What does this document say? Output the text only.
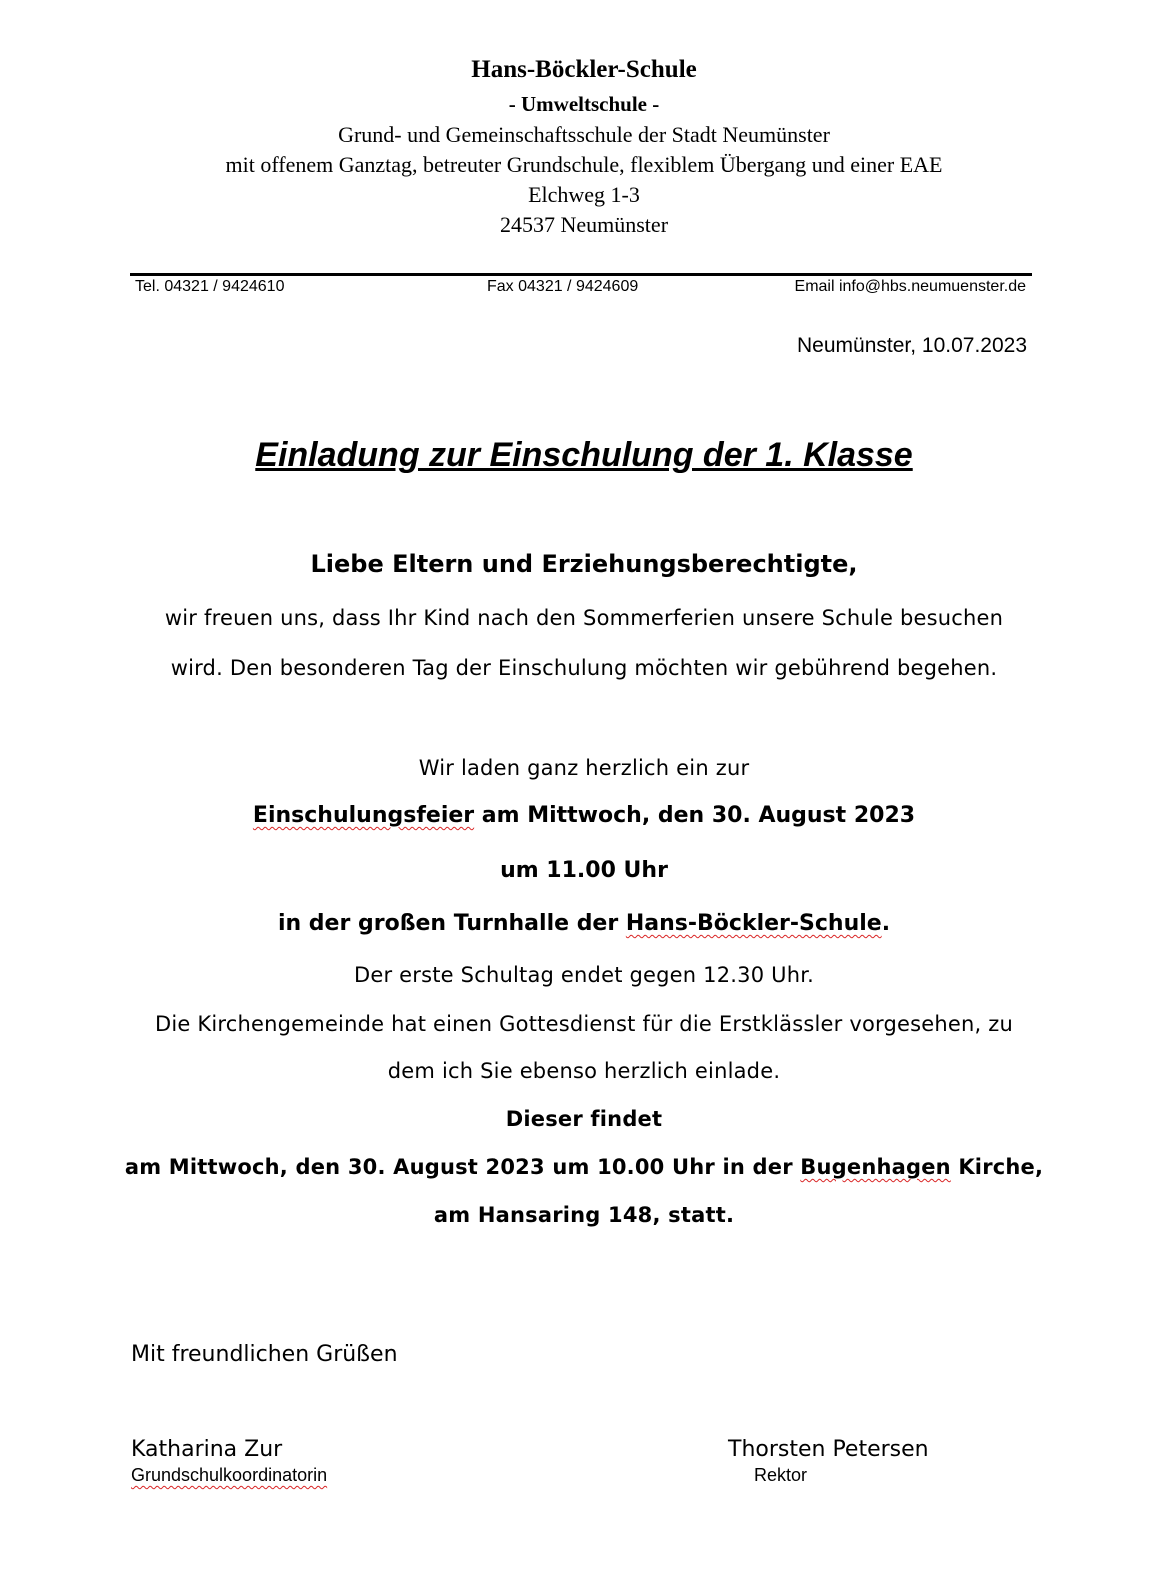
Hans-Böckler-Schule
- Umweltschule -
Grund- und Gemeinschaftsschule der Stadt Neumünster
mit offenem Ganztag, betreuter Grundschule, flexiblem Übergang und einer EAE
Elchweg 1-3
24537 Neumünster
Tel. 04321 / 9424610	Fax 04321 / 9424609	Email info@hbs.neumuenster.de
Neumünster, 10.07.2023
Einladung zur Einschulung der 1. Klasse
Liebe Eltern und Erziehungsberechtigte,
wir freuen uns, dass Ihr Kind nach den Sommerferien unsere Schule besuchen
wird. Den besonderen Tag der Einschulung möchten wir gebührend begehen.
Wir laden ganz herzlich ein zur
Einschulungsfeier am Mittwoch, den 30. August 2023
um 11.00 Uhr
in der großen Turnhalle der Hans-Böckler-Schule.
Der erste Schultag endet gegen 12.30 Uhr.
Die Kirchengemeinde hat einen Gottesdienst für die Erstklässler vorgesehen, zu
dem ich Sie ebenso herzlich einlade.
Dieser findet
am Mittwoch, den 30. August 2023 um 10.00 Uhr in der Bugenhagen Kirche,
am Hansaring 148, statt.
Mit freundlichen Grüßen
Katharina Zur
Grundschulkoordinatorin
Thorsten Petersen
Rektor
